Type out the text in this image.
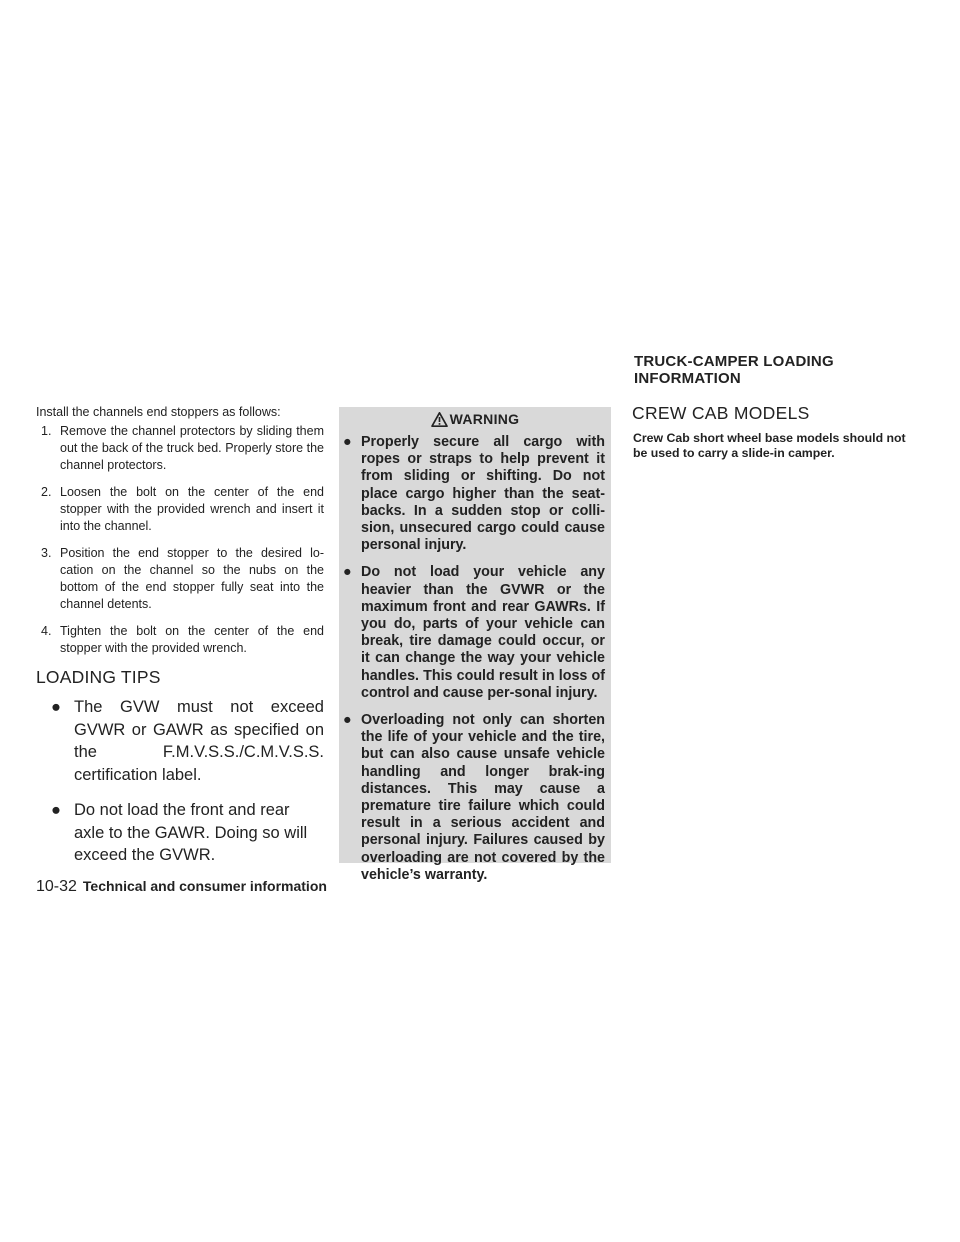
TRUCK-CAMPER LOADING INFORMATION

Install the channels end stoppers as follows:

1. Remove the channel protectors by sliding them out the back of the truck bed. Properly store the channel protectors.
2. Loosen the bolt on the center of the end stopper with the provided wrench and insert it into the channel.
3. Position the end stopper to the desired lo-cation on the channel so the nubs on the bottom of the end stopper fully seat into the channel detents.
4. Tighten the bolt on the center of the end stopper with the provided wrench.
LOADING TIPS
● The GVW must not exceed GVWR or GAWR as specified on the F.M.V.S.S./C.M.V.S.S. certification label.
● Do not load the front and rear axle to the GAWR. Doing so will exceed the GVWR.
WARNING
● Properly secure all cargo with ropes or straps to help prevent it from sliding or shifting. Do not place cargo higher than the seat-backs. In a sudden stop or colli-sion, unsecured cargo could cause personal injury.
● Do not load your vehicle any heavier than the GVWR or the maximum front and rear GAWRs. If you do, parts of your vehicle can break, tire damage could occur, or it can change the way your vehicle handles. This could result in loss of control and cause per-sonal injury.
● Overloading not only can shorten the life of your vehicle and the tire, but can also cause unsafe vehicle handling and longer brak-ing distances. This may cause a premature tire failure which could result in a serious accident and personal injury. Failures caused by overloading are not covered by the vehicle’s warranty.
CREW CAB MODELS
Crew Cab short wheel base models should not be used to carry a slide-in camper.
10-32 Technical and consumer information
